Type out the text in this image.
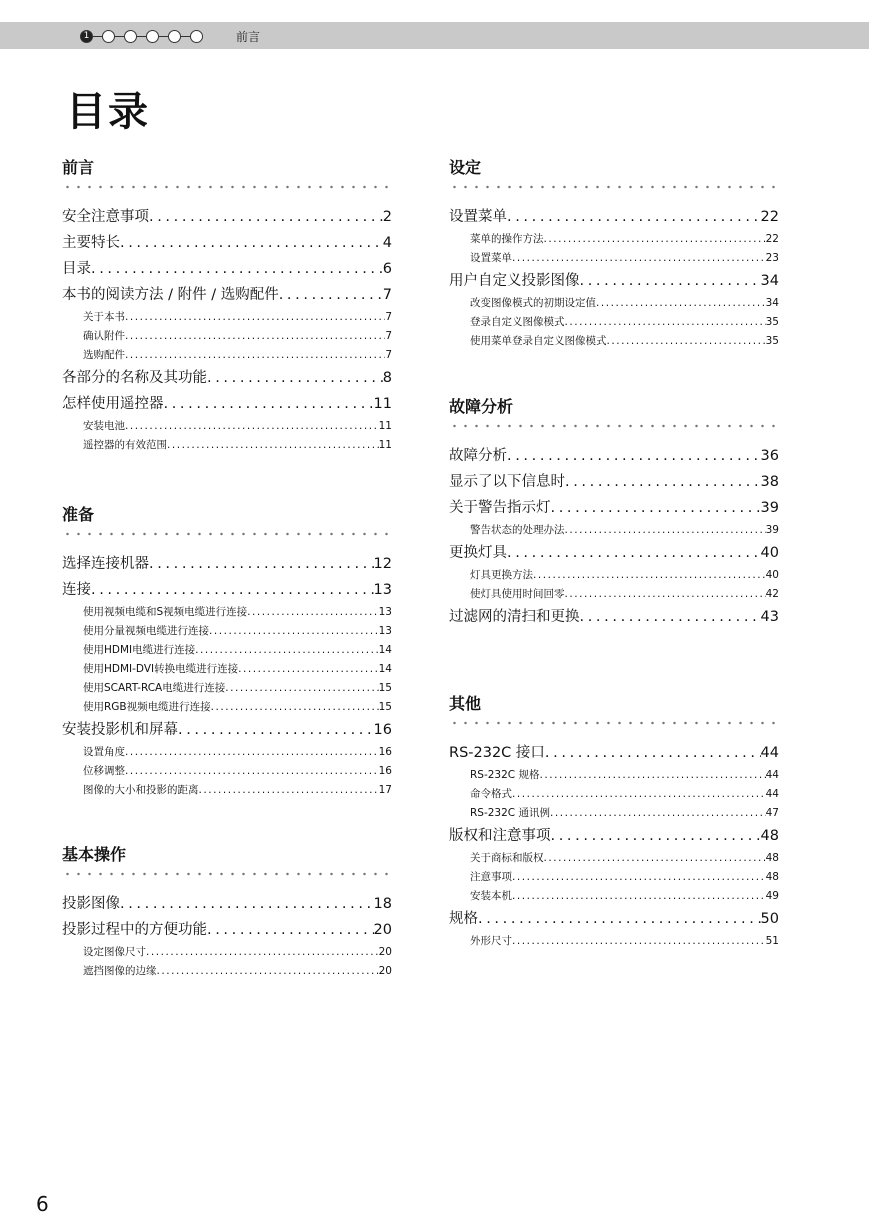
1	前言
目录
前言
安全注意事项 . . .	2
主要特长 . . .	4
目录 . . .	6
本书的阅读方法 / 附件 / 选购配件 . . .	7
关于本书 . . .	7
确认附件 . . .	7
选购配件 . . .	7
各部分的名称及其功能 . . .	8
怎样使用遥控器 . . .	11
安装电池 . . .	11
遥控器的有效范围 . . .	11
准备
选择连接机器 . . .	12
连接 . . .	13
使用视频电缆和S视频电缆进行连接 . . .	13
使用分量视频电缆进行连接 . . .	13
使用HDMI电缆进行连接 . . .	14
使用HDMI-DVI转换电缆进行连接 . . .	14
使用SCART-RCA电缆进行连接 . . .	15
使用RGB视频电缆进行连接 . . .	15
安装投影机和屏幕 . . .	16
设置角度 . . .	16
位移调整 . . .	16
图像的大小和投影的距离 . . .	17
基本操作
投影图像 . . .	18
投影过程中的方便功能 . . .	20
设定图像尺寸 . . .	20
遮挡图像的边缘 . . .	20
设定
设置菜单 . . .	22
菜单的操作方法 . . .	22
设置菜单 . . .	23
用户自定义投影图像 . . .	34
改变图像模式的初期设定值 . . .	34
登录自定义图像模式 . . .	35
使用菜单登录自定义图像模式 . . .	35
故障分析
故障分析 . . .	36
显示了以下信息时 . . .	38
关于警告指示灯 . . .	39
警告状态的处理办法 . . .	39
更换灯具 . . .	40
灯具更换方法 . . .	40
使灯具使用时间回零 . . .	42
过滤网的清扫和更换 . . .	43
其他
RS-232C 接口 . . .	44
RS-232C 规格 . . .	44
命令格式 . . .	44
RS-232C 通讯例 . . .	47
版权和注意事项 . . .	48
关于商标和版权 . . .	48
注意事项 . . .	48
安装本机 . . .	49
规格 . . .	50
外形尺寸 . . .	51
6
